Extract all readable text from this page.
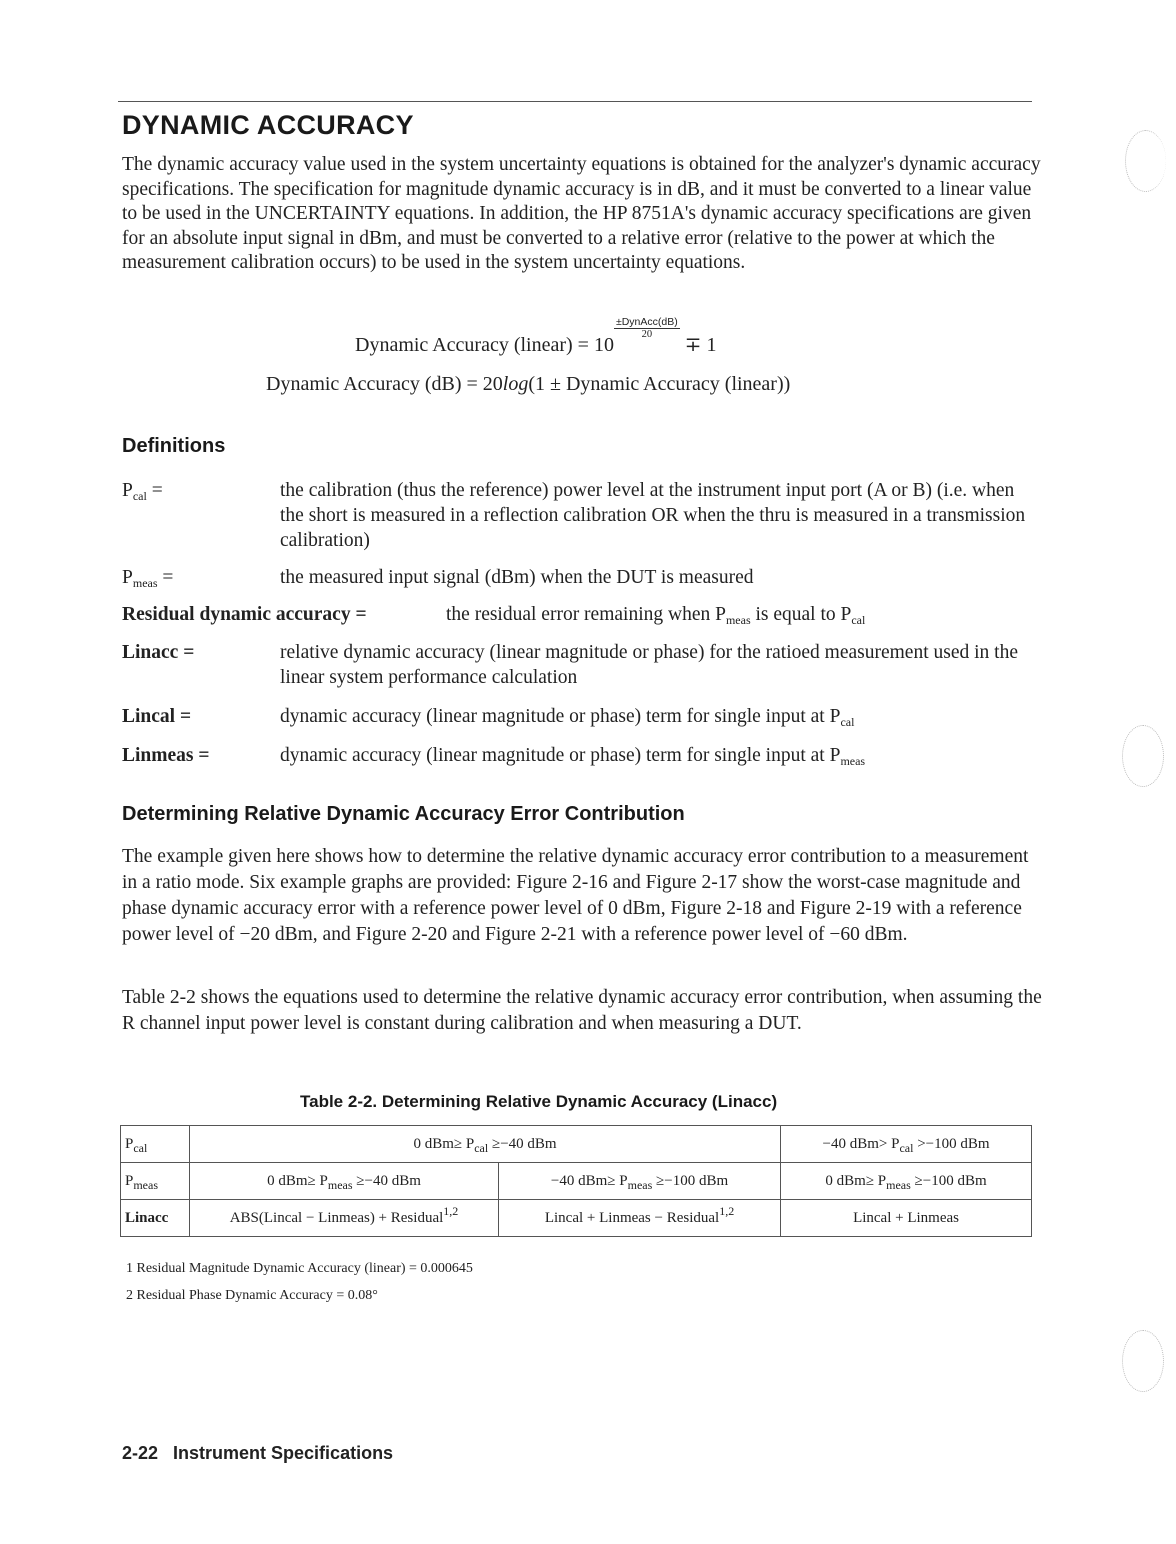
DYNAMIC ACCURACY
The dynamic accuracy value used in the system uncertainty equations is obtained for the analyzer's dynamic accuracy specifications. The specification for magnitude dynamic accuracy is in dB, and it must be converted to a linear value to be used in the UNCERTAINTY equations. In addition, the HP 8751A's dynamic accuracy specifications are given for an absolute input signal in dBm, and must be converted to a relative error (relative to the power at which the measurement calibration occurs) to be used in the system uncertainty equations.
Dynamic Accuracy (linear) = 10
$\frac{\text{±DynAcc(dB)}}{20}$
∓ 1
Dynamic Accuracy (dB) = 20log(1 ± Dynamic Accuracy (linear))
Definitions
$P_{cal}$ =	the calibration (thus the reference) power level at the instrument input port (A or B) (i.e. when the short is measured in a reflection calibration OR when the thru is measured in a transmission calibration)
$P_{meas}$ =	the measured input signal (dBm) when the DUT is measured
Residual dynamic accuracy =	the residual error remaining when $P_{meas}$ is equal to $P_{cal}$
Linacc =	relative dynamic accuracy (linear magnitude or phase) for the ratioed measurement used in the linear system performance calculation
Lincal =	dynamic accuracy (linear magnitude or phase) term for single input at $P_{cal}$
Linmeas =	dynamic accuracy (linear magnitude or phase) term for single input at $P_{meas}$
Determining Relative Dynamic Accuracy Error Contribution
The example given here shows how to determine the relative dynamic accuracy error contribution to a measurement in a ratio mode. Six example graphs are provided: Figure 2-16 and Figure 2-17 show the worst-case magnitude and phase dynamic accuracy error with a reference power level of 0 dBm, Figure 2-18 and Figure 2-19 with a reference power level of −20 dBm, and Figure 2-20 and Figure 2-21 with a reference power level of −60 dBm.
Table 2-2 shows the equations used to determine the relative dynamic accuracy error contribution, when assuming the R channel input power level is constant during calibration and when measuring a DUT.
Table 2-2. Determining Relative Dynamic Accuracy (Linacc)
$P_{cal}$	0 $dBm\ge P_{cal} \ge-40$ dBm		−40 $dBm> P_{cal} >-100$ dBm
$P_{meas}$	0 $dBm\ge P_{meas} \ge-40$ dBm	−40 $dBm\ge P_{meas} \ge-100$ dBm	0 $dBm\ge P_{meas} \ge-100$ dBm
Linacc	ABS(Lincal − Linmeas) + Residual$^{1,2}$	Lincal + Linmeas − Residual$^{1,2}$	Lincal + Linmeas
1 Residual Magnitude Dynamic Accuracy (linear) = 0.000645
2 Residual Phase Dynamic Accuracy = 0.08°
2-22   Instrument Specifications
